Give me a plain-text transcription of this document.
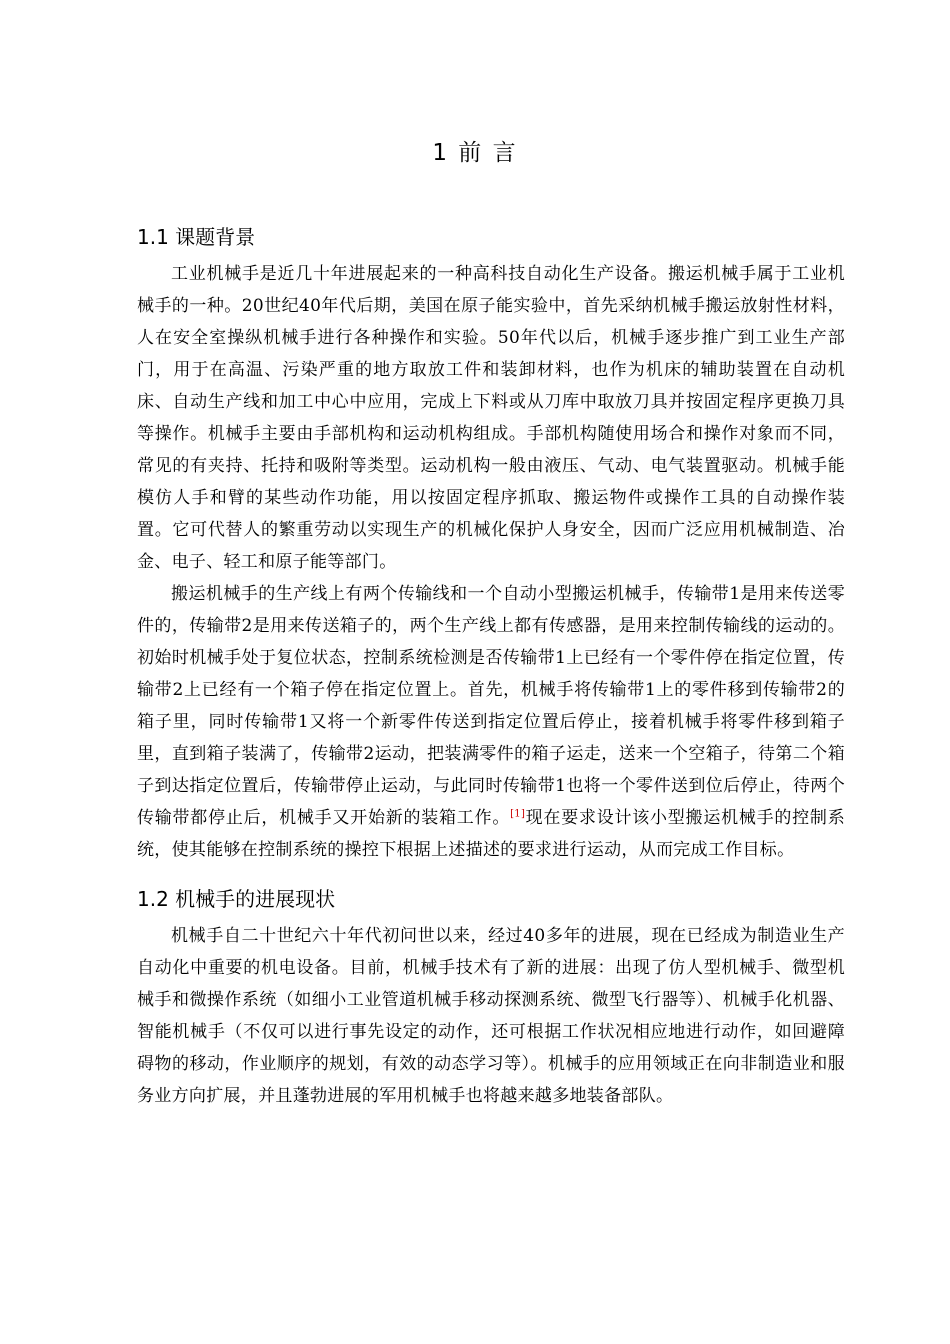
1 前 言
1.1 课题背景

工业机械手是近几十年进展起来的一种高科技自动化生产设备。搬运机械手属于工业机械手的一种。20世纪40年代后期，美国在原子能实验中，首先采纳机械手搬运放射性材料，人在安全室操纵机械手进行各种操作和实验。50年代以后，机械手逐步推广到工业生产部门，用于在高温、污染严重的地方取放工件和装卸材料，也作为机床的辅助装置在自动机床、自动生产线和加工中心中应用，完成上下料或从刀库中取放刀具并按固定程序更换刀具等操作。机械手主要由手部机构和运动机构组成。手部机构随使用场合和操作对象而不同，常见的有夹持、托持和吸附等类型。运动机构一般由液压、气动、电气装置驱动。机械手能模仿人手和臂的某些动作功能，用以按固定程序抓取、搬运物件或操作工具的自动操作装置。它可代替人的繁重劳动以实现生产的机械化保护人身安全，因而广泛应用机械制造、冶金、电子、轻工和原子能等部门。

搬运机械手的生产线上有两个传输线和一个自动小型搬运机械手，传输带1是用来传送零件的，传输带2是用来传送箱子的，两个生产线上都有传感器，是用来控制传输线的运动的。初始时机械手处于复位状态，控制系统检测是否传输带1上已经有一个零件停在指定位置，传输带2上已经有一个箱子停在指定位置上。首先，机械手将传输带1上的零件移到传输带2的箱子里，同时传输带1又将一个新零件传送到指定位置后停止，接着机械手将零件移到箱子里，直到箱子装满了，传输带2运动，把装满零件的箱子运走，送来一个空箱子，待第二个箱子到达指定位置后，传输带停止运动，与此同时传输带1也将一个零件送到位后停止，待两个传输带都停止后，机械手又开始新的装箱工作。[1]现在要求设计该小型搬运机械手的控制系统，使其能够在控制系统的操控下根据上述描述的要求进行运动，从而完成工作目标。

1.2 机械手的进展现状

机械手自二十世纪六十年代初问世以来，经过40多年的进展，现在已经成为制造业生产自动化中重要的机电设备。目前，机械手技术有了新的进展：出现了仿人型机械手、微型机械手和微操作系统（如细小工业管道机械手移动探测系统、微型飞行器等）、机械手化机器、智能机械手（不仅可以进行事先设定的动作，还可根据工作状况相应地进行动作，如回避障碍物的移动，作业顺序的规划，有效的动态学习等）。机械手的应用领域正在向非制造业和服务业方向扩展，并且蓬勃进展的军用机械手也将越来越多地装备部队。
